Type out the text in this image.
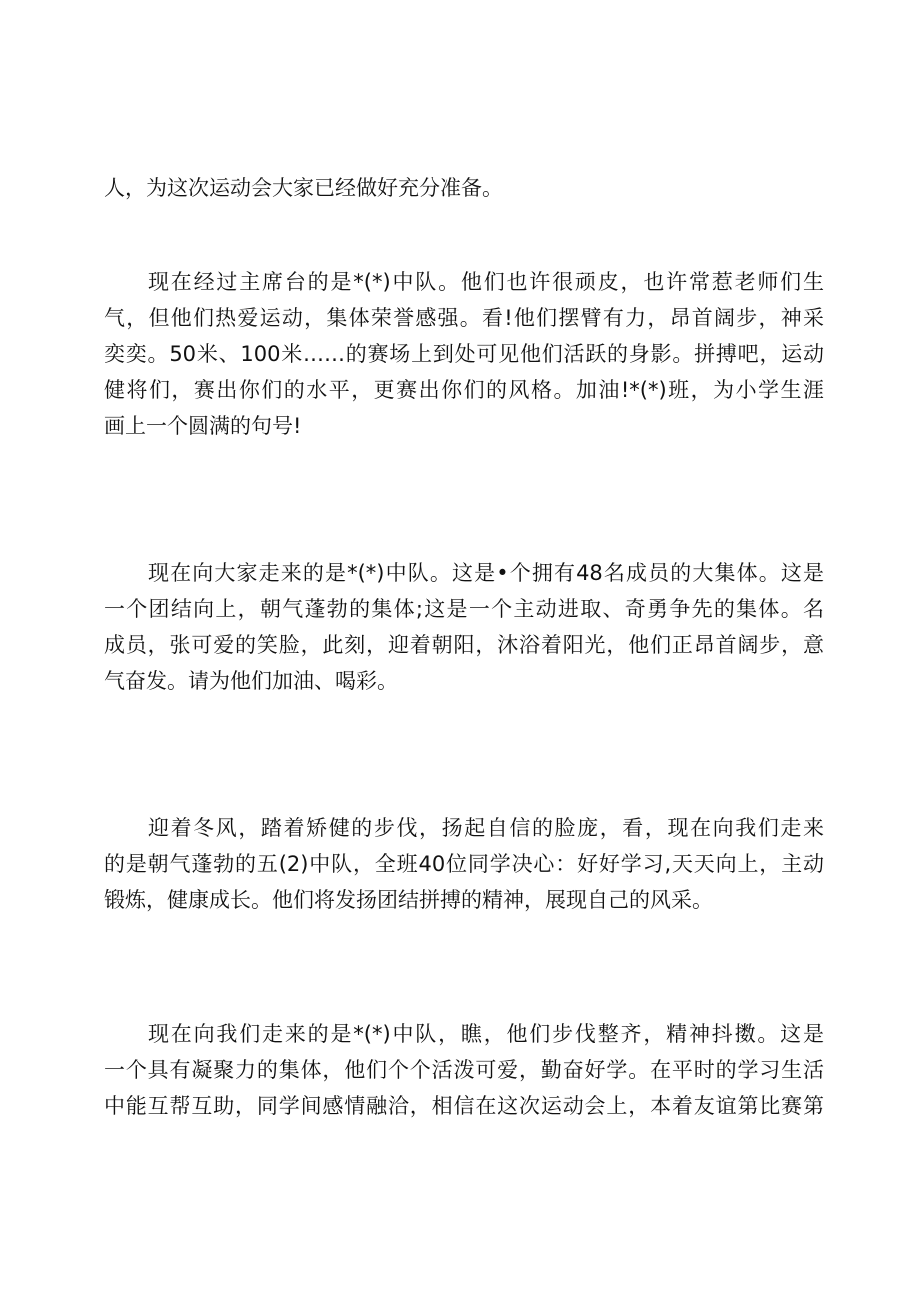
人，为这次运动会大家已经做好充分准备。
现在经过主席台的是*(*)中队。他们也许很顽皮，也许常惹老师们生
气，但他们热爱运动，集体荣誉感强。看!他们摆臂有力，昂首阔步，神采
奕奕。50米、100米……的赛场上到处可见他们活跃的身影。拼搏吧，运动
健将们，赛出你们的水平，更赛出你们的风格。加油!*(*)班，为小学生涯
画上一个圆满的句号!
现在向大家走来的是*(*)中队。这是•个拥有48名成员的大集体。这是
一个团结向上，朝气蓬勃的集体;这是一个主动进取、奇勇争先的集体。名
成员，张可爱的笑脸，此刻，迎着朝阳，沐浴着阳光，他们正昂首阔步，意
气奋发。请为他们加油、喝彩。
迎着冬风，踏着矫健的步伐，扬起自信的脸庞，看，现在向我们走来
的是朝气蓬勃的五(2)中队，全班40位同学决心：好好学习,天天向上，主动
锻炼，健康成长。他们将发扬团结拼搏的精神，展现自己的风采。
现在向我们走来的是*(*)中队，瞧，他们步伐整齐，精神抖擞。这是
一个具有凝聚力的集体，他们个个活泼可爱，勤奋好学。在平时的学习生活
中能互帮互助，同学间感情融洽，相信在这次运动会上，本着友谊第比赛第
